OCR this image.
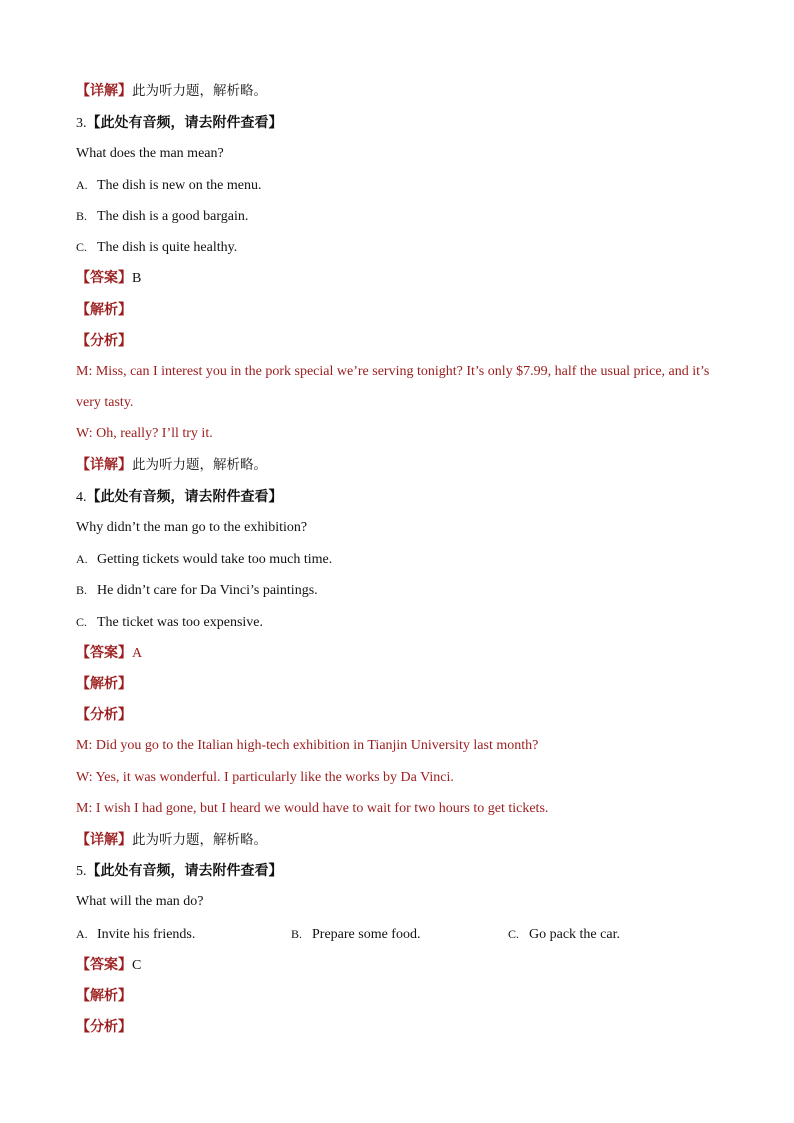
【详解】此为听力题，解析略。
3.【此处有音频，请去附件查看】
What does the man mean?
A. The dish is new on the menu.
B. The dish is a good bargain.
C. The dish is quite healthy.
【答案】B
【解析】
【分析】
M: Miss, can I interest you in the pork special we’re serving tonight? It’s only $7.99, half the usual price, and it’s
very tasty.
W: Oh, really? I’ll try it.
【详解】此为听力题，解析略。
4.【此处有音频，请去附件查看】
Why didn’t the man go to the exhibition?
A. Getting tickets would take too much time.
B. He didn’t care for Da Vinci’s paintings.
C. The ticket was too expensive.
【答案】A
【解析】
【分析】
M: Did you go to the Italian high-tech exhibition in Tianjin University last month?
W: Yes, it was wonderful. I particularly like the works by Da Vinci.
M: I wish I had gone, but I heard we would have to wait for two hours to get tickets.
【详解】此为听力题，解析略。
5.【此处有音频，请去附件查看】
What will the man do?
A. Invite his friends.	B. Prepare some food.	C. Go pack the car.
【答案】C
【解析】
【分析】
